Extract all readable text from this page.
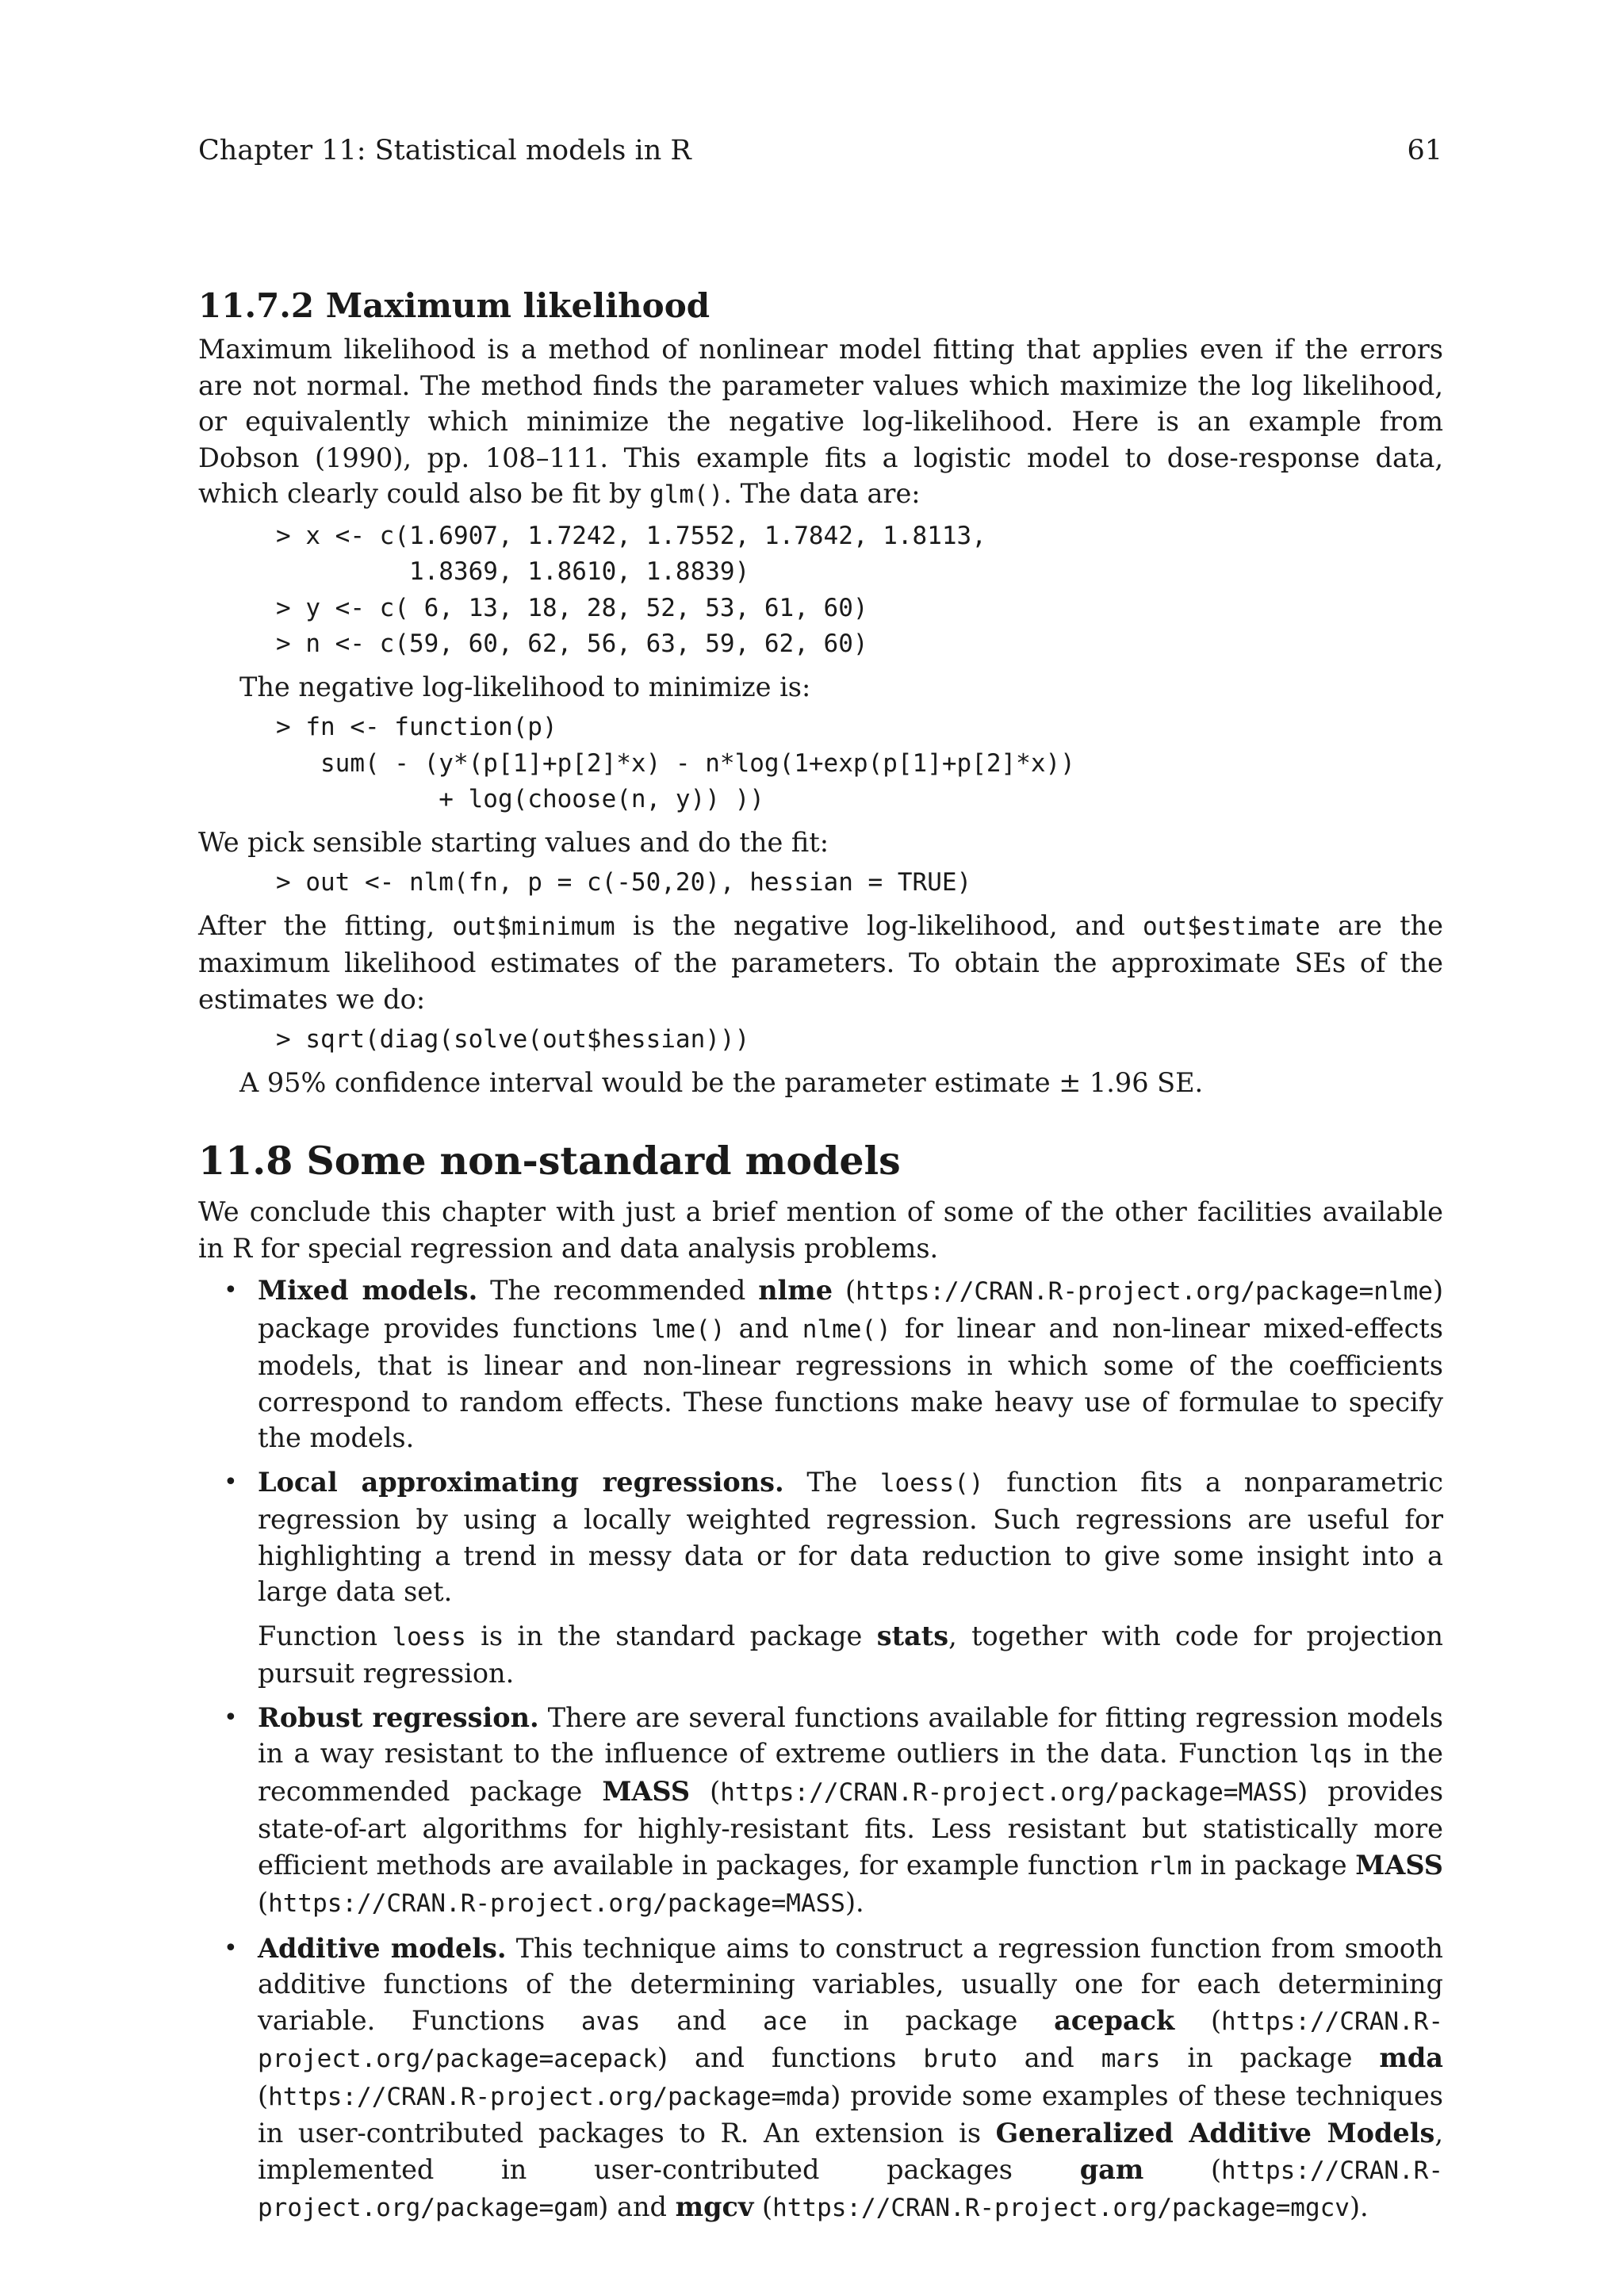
Chapter 11: Statistical models in R	61
11.7.2 Maximum likelihood

Maximum likelihood is a method of nonlinear model fitting that applies even if the errors are not normal. The method finds the parameter values which maximize the log likelihood, or equivalently which minimize the negative log-likelihood. Here is an example from Dobson (1990), pp. 108–111. This example fits a logistic model to dose-response data, which clearly could also be fit by glm(). The data are:

> x <- c(1.6907, 1.7242, 1.7552, 1.7842, 1.8113,
1.8369, 1.8610, 1.8839)
> y <- c( 6, 13, 18, 28, 52, 53, 61, 60)
> n <- c(59, 60, 62, 56, 63, 59, 62, 60)

The negative log-likelihood to minimize is:

> fn <- function(p)
sum( - (y*(p[1]+p[2]*x) - n*log(1+exp(p[1]+p[2]*x))
+ log(choose(n, y)) ))

We pick sensible starting values and do the fit:

> out <- nlm(fn, p = c(-50,20), hessian = TRUE)

After the fitting, out$minimum is the negative log-likelihood, and out$estimate are the maximum likelihood estimates of the parameters. To obtain the approximate SEs of the estimates we do:

> sqrt(diag(solve(out$hessian)))

A 95% confidence interval would be the parameter estimate ± 1.96 SE.

11.8 Some non-standard models

We conclude this chapter with just a brief mention of some of the other facilities available in R for special regression and data analysis problems.

• Mixed models. The recommended nlme (https://CRAN.R-project.org/package=nlme) package provides functions lme() and nlme() for linear and non-linear mixed-effects models, that is linear and non-linear regressions in which some of the coefficients correspond to random effects. These functions make heavy use of formulae to specify the models.

• Local approximating regressions. The loess() function fits a nonparametric regression by using a locally weighted regression. Such regressions are useful for highlighting a trend in messy data or for data reduction to give some insight into a large data set.

Function loess is in the standard package stats, together with code for projection pursuit regression.

• Robust regression. There are several functions available for fitting regression models in a way resistant to the influence of extreme outliers in the data. Function lqs in the recommended package MASS (https://CRAN.R-project.org/package=MASS) provides state-of-art algorithms for highly-resistant fits. Less resistant but statistically more efficient methods are available in packages, for example function rlm in package MASS (https://CRAN.R-project.org/package=MASS).

• Additive models. This technique aims to construct a regression function from smooth additive functions of the determining variables, usually one for each determining variable. Functions avas and ace in package acepack (https://CRAN.R-project.org/package=acepack) and functions bruto and mars in package mda (https://CRAN.R-project.org/package=mda) provide some examples of these techniques in user-contributed packages to R. An extension is Generalized Additive Models, implemented in user-contributed packages gam (https://CRAN.R-project.org/package=gam) and mgcv (https://CRAN.R-project.org/package=mgcv).
